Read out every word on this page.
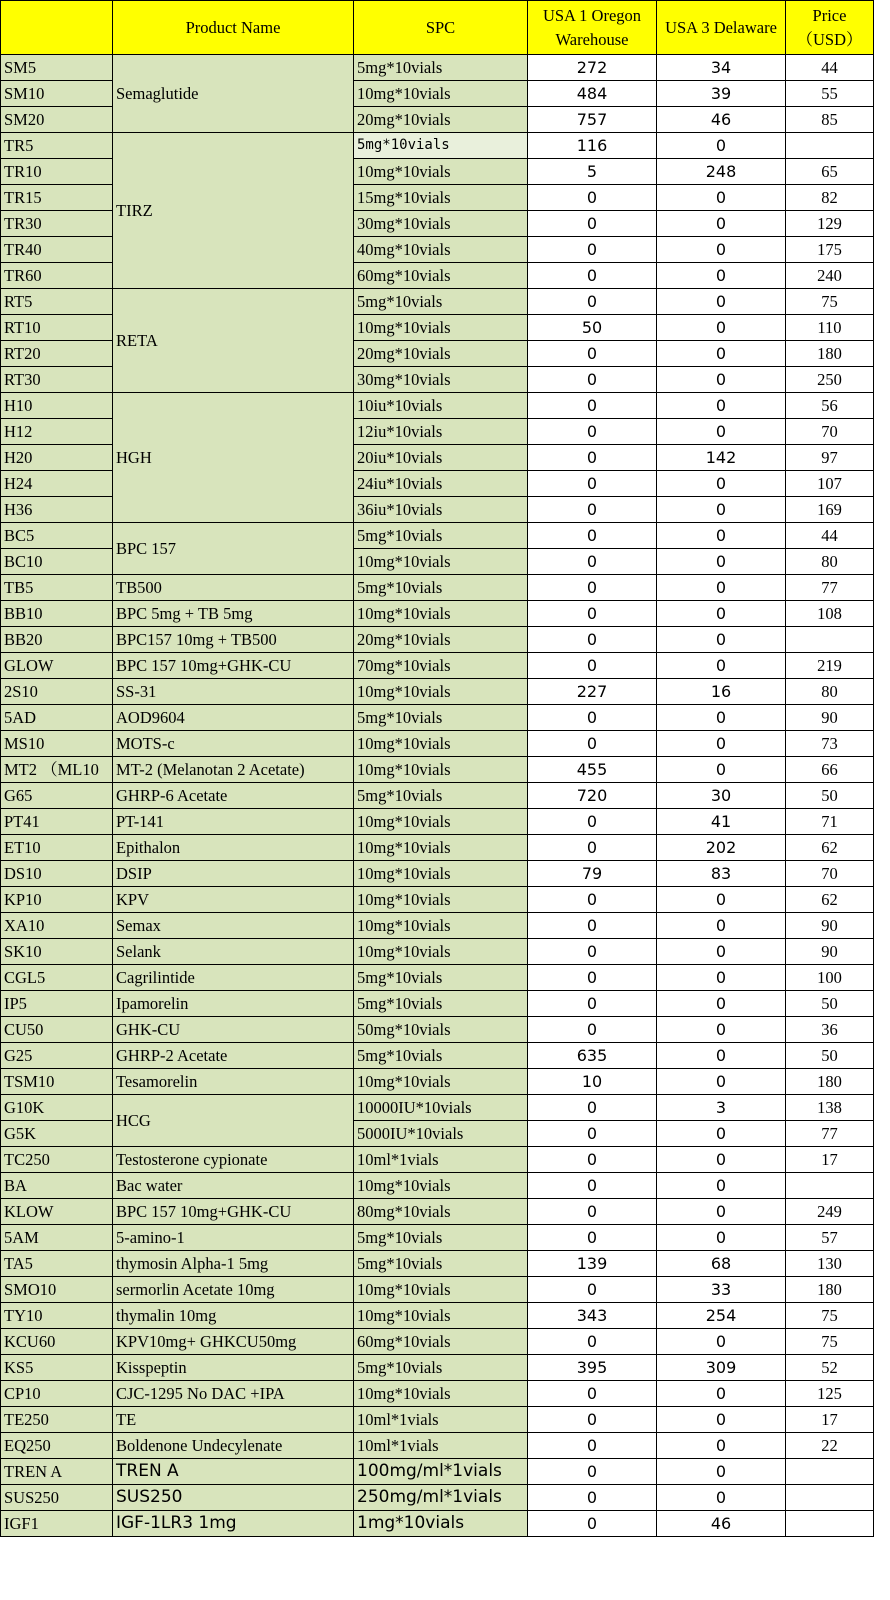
	Product Name	SPC	USA 1 Oregon Warehouse	USA 3 Delaware	Price（USD）
SM5	Semaglutide	5mg*10vials	272	34	44
SM10		10mg*10vials	484	39	55
SM20		20mg*10vials	757	46	85
TR5	TIRZ	5mg*10vials	116	0	
TR10		10mg*10vials	5	248	65
TR15		15mg*10vials	0	0	82
TR30		30mg*10vials	0	0	129
TR40		40mg*10vials	0	0	175
TR60		60mg*10vials	0	0	240
RT5	RETA	5mg*10vials	0	0	75
RT10		10mg*10vials	50	0	110
RT20		20mg*10vials	0	0	180
RT30		30mg*10vials	0	0	250
H10	HGH	10iu*10vials	0	0	56
H12		12iu*10vials	0	0	70
H20		20iu*10vials	0	142	97
H24		24iu*10vials	0	0	107
H36		36iu*10vials	0	0	169
BC5	BPC 157	5mg*10vials	0	0	44
BC10		10mg*10vials	0	0	80
TB5	TB500	5mg*10vials	0	0	77
BB10	BPC 5mg + TB 5mg	10mg*10vials	0	0	108
BB20	BPC157 10mg + TB500	20mg*10vials	0	0	
GLOW	BPC 157 10mg+GHK-CU	70mg*10vials	0	0	219
2S10	SS-31	10mg*10vials	227	16	80
5AD	AOD9604	5mg*10vials	0	0	90
MS10	MOTS-c	10mg*10vials	0	0	73
MT2 （ML10	MT-2 (Melanotan 2 Acetate)	10mg*10vials	455	0	66
G65	GHRP-6 Acetate	5mg*10vials	720	30	50
PT41	PT-141	10mg*10vials	0	41	71
ET10	Epithalon	10mg*10vials	0	202	62
DS10	DSIP	10mg*10vials	79	83	70
KP10	KPV	10mg*10vials	0	0	62
XA10	Semax	10mg*10vials	0	0	90
SK10	Selank	10mg*10vials	0	0	90
CGL5	Cagrilintide	5mg*10vials	0	0	100
IP5	Ipamorelin	5mg*10vials	0	0	50
CU50	GHK-CU	50mg*10vials	0	0	36
G25	GHRP-2 Acetate	5mg*10vials	635	0	50
TSM10	Tesamorelin	10mg*10vials	10	0	180
G10K	HCG	10000IU*10vials	0	3	138
G5K		5000IU*10vials	0	0	77
TC250	Testosterone cypionate	10ml*1vials	0	0	17
BA	Bac water	10mg*10vials	0	0	
KLOW	BPC 157 10mg+GHK-CU	80mg*10vials	0	0	249
5AM	5-amino-1	5mg*10vials	0	0	57
TA5	thymosin Alpha-1 5mg	5mg*10vials	139	68	130
SMO10	sermorlin Acetate 10mg	10mg*10vials	0	33	180
TY10	thymalin 10mg	10mg*10vials	343	254	75
KCU60	KPV10mg+ GHKCU50mg	60mg*10vials	0	0	75
KS5	Kisspeptin	5mg*10vials	395	309	52
CP10	CJC-1295 No DAC +IPA	10mg*10vials	0	0	125
TE250	TE	10ml*1vials	0	0	17
EQ250	Boldenone Undecylenate	10ml*1vials	0	0	22
TREN A	TREN A	100mg/ml*1vials	0	0	
SUS250	SUS250	250mg/ml*1vials	0	0	
IGF1	IGF-1LR3 1mg	1mg*10vials	0	46	
